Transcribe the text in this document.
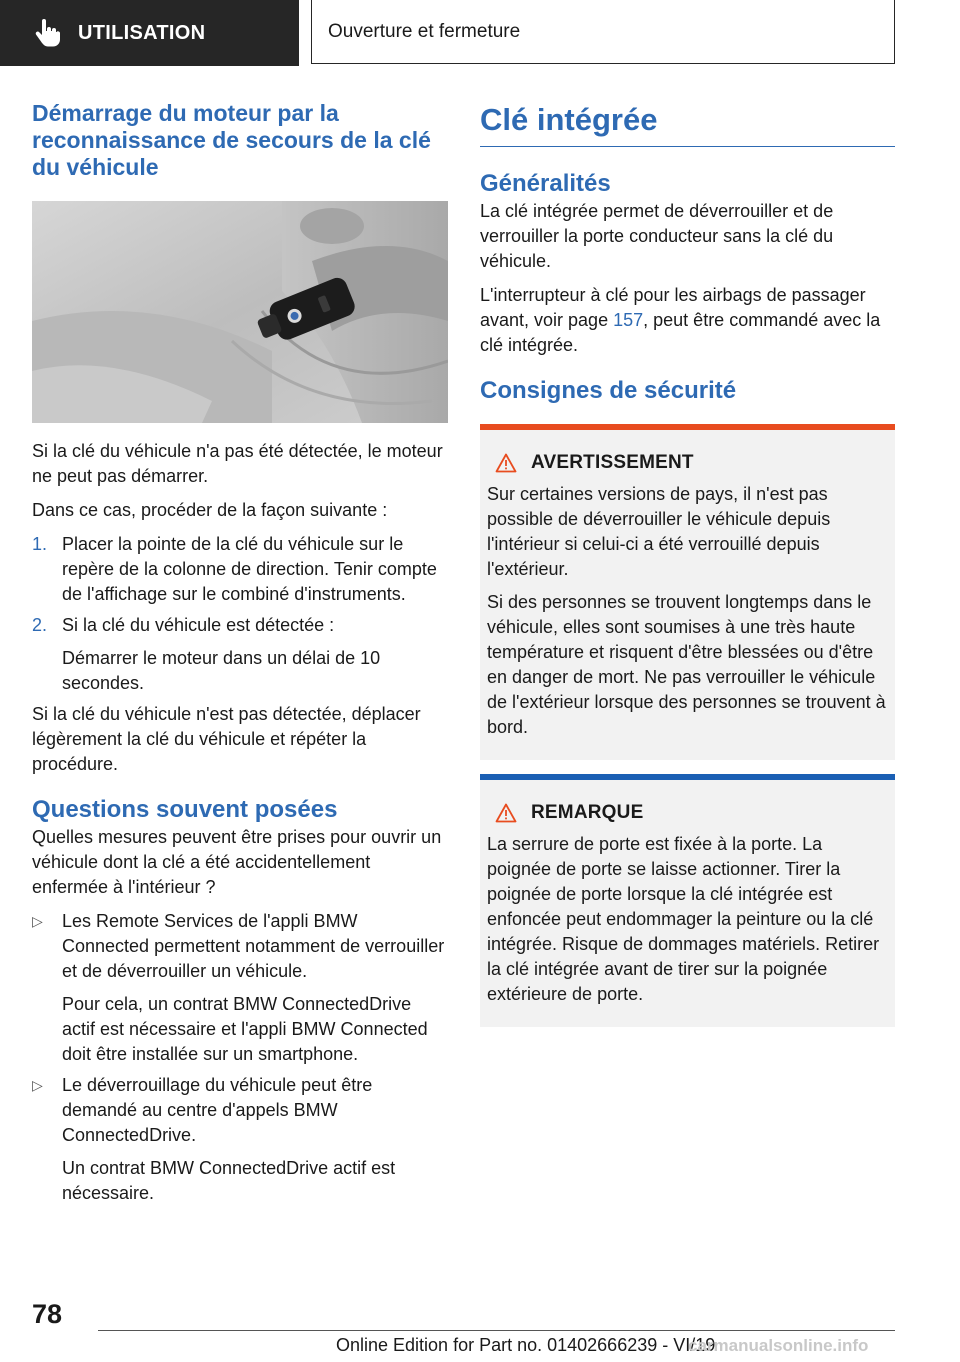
UTILISATION	Ouverture et fermeture
Démarrage du moteur par la reconnaissance de secours de la clé du véhicule

Si la clé du véhicule n'a pas été détectée, le moteur ne peut pas démarrer.

Dans ce cas, procéder de la façon suivante :

1. Placer la pointe de la clé du véhicule sur le repère de la colonne de direction. Tenir compte de l'affichage sur le combiné d'instruments.

2. Si la clé du véhicule est détectée :

Démarrer le moteur dans un délai de 10 secondes.

Si la clé du véhicule n'est pas détectée, déplacer légèrement la clé du véhicule et répéter la procédure.

Questions souvent posées

Quelles mesures peuvent être prises pour ouvrir un véhicule dont la clé a été accidentellement enfermée à l'intérieur ?

▷	Les Remote Services de l'appli BMW Connected permettent notamment de verrouiller et de déverrouiller un véhicule.

Pour cela, un contrat BMW ConnectedDrive actif est nécessaire et l'appli BMW Connected doit être installée sur un smartphone.

▷	Le déverrouillage du véhicule peut être demandé au centre d'appels BMW ConnectedDrive.

Un contrat BMW ConnectedDrive actif est nécessaire.

Clé intégrée
Généralités

La clé intégrée permet de déverrouiller et de verrouiller la porte conducteur sans la clé du véhicule.

L'interrupteur à clé pour les airbags de passager avant, voir page 157, peut être commandé avec la clé intégrée.

Consignes de sécurité
AVERTISSEMENT

Sur certaines versions de pays, il n'est pas possible de déverrouiller le véhicule depuis l'intérieur si celui-ci a été verrouillé depuis l'extérieur.

Si des personnes se trouvent longtemps dans le véhicule, elles sont soumises à une très haute température et risquent d'être blessées ou d'être en danger de mort. Ne pas verrouiller le véhicule de l'extérieur lorsque des personnes se trouvent à bord.

REMARQUE

La serrure de porte est fixée à la porte. La poignée de porte se laisse actionner. Tirer la poignée de porte lorsque la clé intégrée est enfoncée peut endommager la peinture ou la clé intégrée. Risque de dommages matériels. Retirer la clé intégrée avant de tirer sur la poignée extérieure de porte.

78
Online Edition for Part no. 01402666239 - VI/19
carmanualsonline.info
